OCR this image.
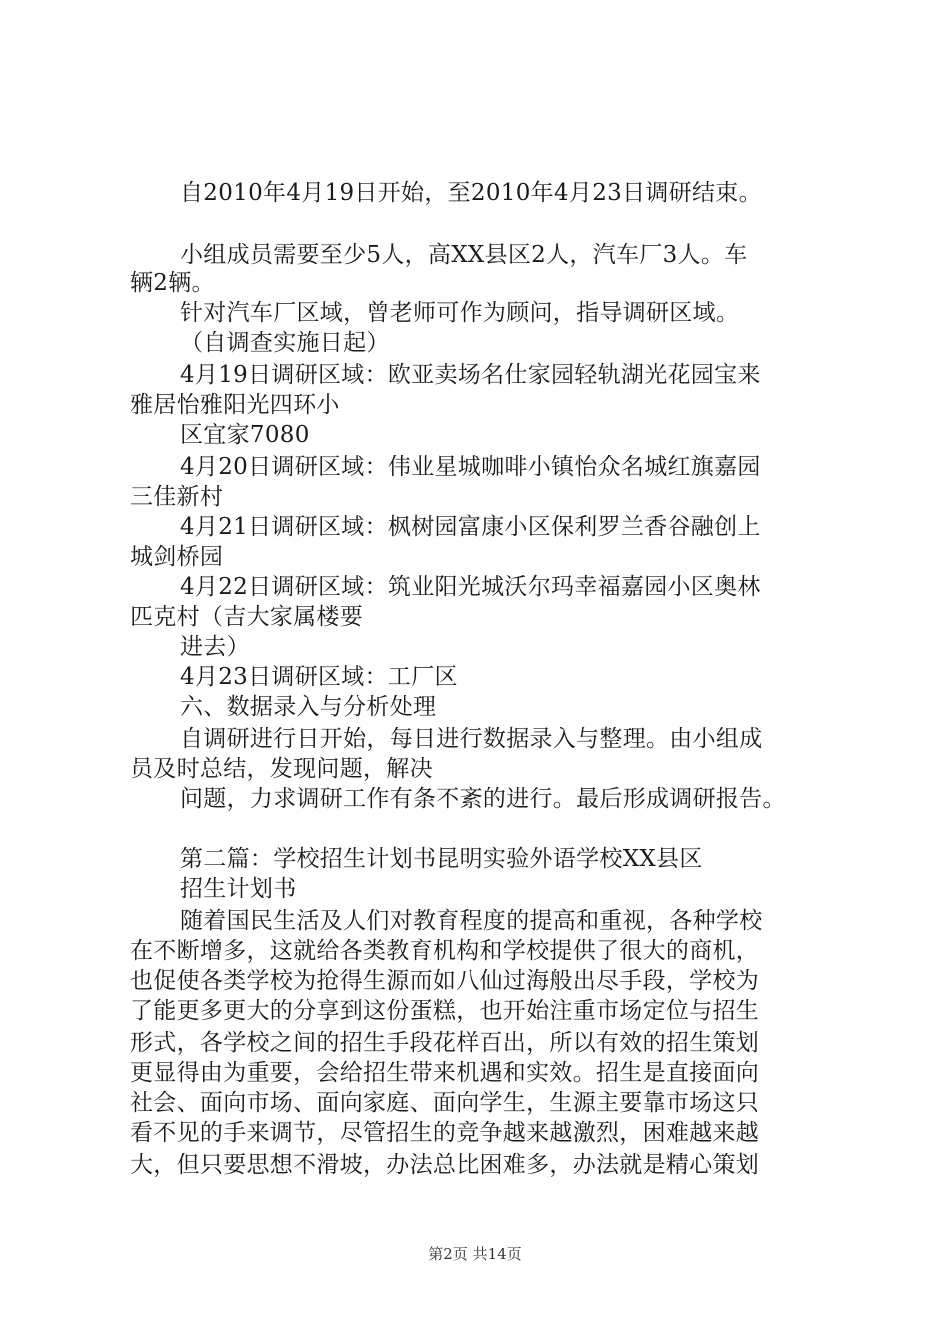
自2010年4月19日开始，至2010年4月23日调研结束。
小组成员需要至少5人，高XX县区2人，汽车厂3人。车
辆2辆。
针对汽车厂区域，曾老师可作为顾问，指导调研区域。
（自调查实施日起）
4月19日调研区域：欧亚卖场名仕家园轻轨湖光花园宝来
雅居怡雅阳光四环小
区宜家7080
4月20日调研区域：伟业星城咖啡小镇怡众名城红旗嘉园
三佳新村
4月21日调研区域：枫树园富康小区保利罗兰香谷融创上
城剑桥园
4月22日调研区域：筑业阳光城沃尔玛幸福嘉园小区奥林
匹克村（吉大家属楼要
进去）
4月23日调研区域：工厂区
六、数据录入与分析处理
自调研进行日开始，每日进行数据录入与整理。由小组成
员及时总结，发现问题，解决
问题，力求调研工作有条不紊的进行。最后形成调研报告。
第二篇：学校招生计划书昆明实验外语学校XX县区
招生计划书
随着国民生活及人们对教育程度的提高和重视，各种学校
在不断增多，这就给各类教育机构和学校提供了很大的商机，
也促使各类学校为抢得生源而如八仙过海般出尽手段，学校为
了能更多更大的分享到这份蛋糕，也开始注重市场定位与招生
形式，各学校之间的招生手段花样百出，所以有效的招生策划
更显得由为重要，会给招生带来机遇和实效。招生是直接面向
社会、面向市场、面向家庭、面向学生，生源主要靠市场这只
看不见的手来调节，尽管招生的竞争越来越激烈，困难越来越
大，但只要思想不滑坡，办法总比困难多，办法就是精心策划
第2页 共14页
